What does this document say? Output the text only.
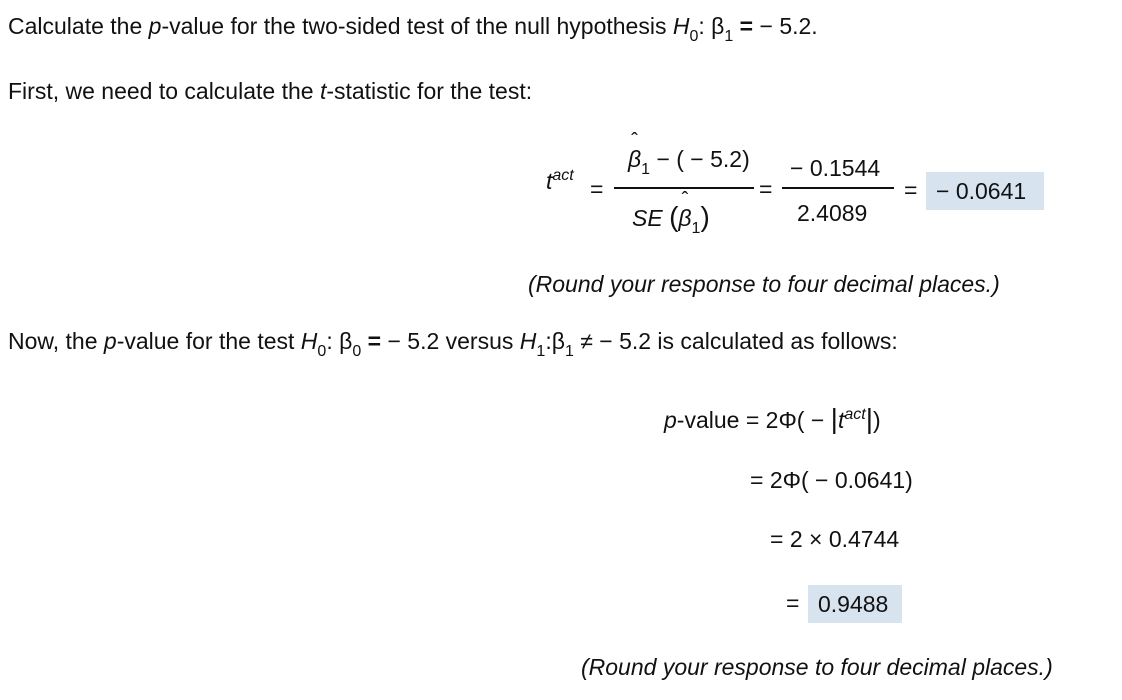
Calculate the p-value for the two-sided test of the null hypothesis $H_0$: $\beta_1$ = − 5.2.
First, we need to calculate the t-statistic for the test:
$t^{act}$
=
ˆ $\beta_1$ − ( − 5.2)
SE (ˆ $\beta_1$)
=
− 0.1544
2.4089
= − 0.0641
(Round your response to four decimal places.)
Now, the p-value for the test $H_0$: $\beta_0$ = − 5.2 versus $H_1:\beta_1$ ≠ − 5.2 is calculated as follows:
p-value = $2\Phi( - |t^{act}|)$
= 2Φ( − 0.0641)
= 2 × 0.4744
= 0.9488
(Round your response to four decimal places.)
